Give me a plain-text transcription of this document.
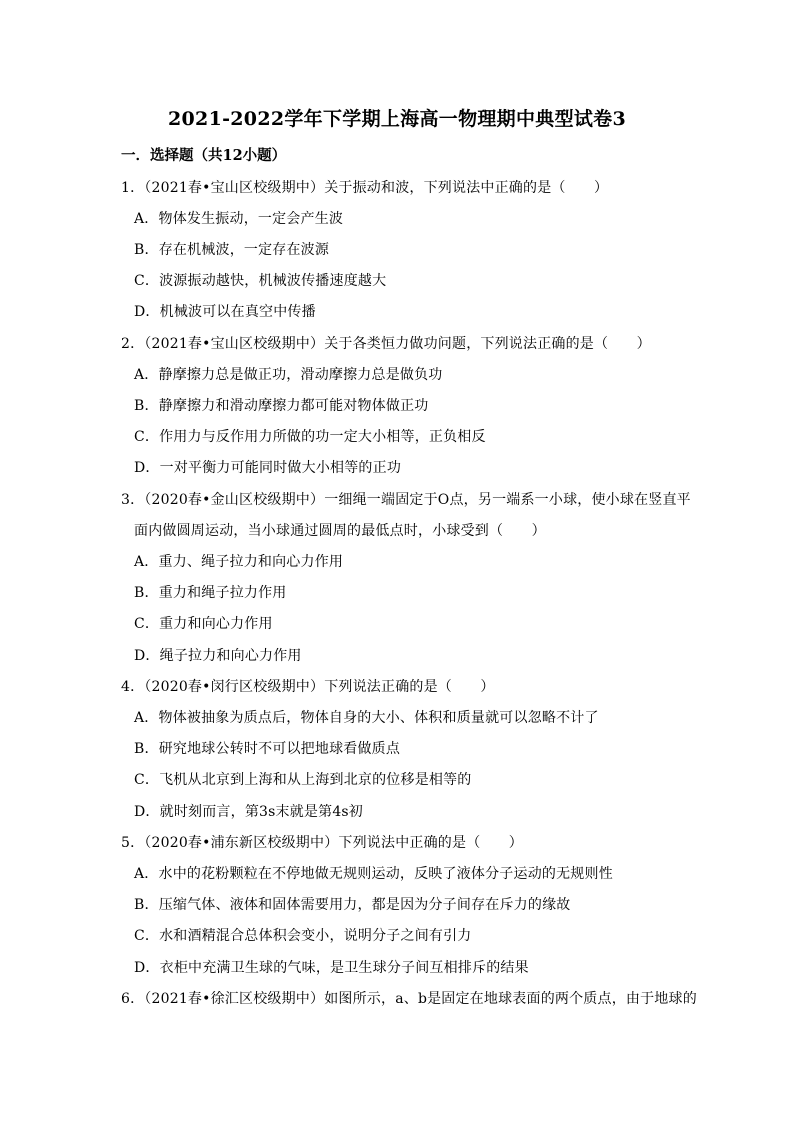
2021-2022学年下学期上海高一物理期中典型试卷3
一．选择题（共12小题）
1．（2021春•宝山区校级期中）关于振动和波，下列说法中正确的是（　　）
A．物体发生振动，一定会产生波
B．存在机械波，一定存在波源
C．波源振动越快，机械波传播速度越大
D．机械波可以在真空中传播
2．（2021春•宝山区校级期中）关于各类恒力做功问题，下列说法正确的是（　　）
A．静摩擦力总是做正功，滑动摩擦力总是做负功
B．静摩擦力和滑动摩擦力都可能对物体做正功
C．作用力与反作用力所做的功一定大小相等，正负相反
D．一对平衡力可能同时做大小相等的正功
3．（2020春•金山区校级期中）一细绳一端固定于O点，另一端系一小球，使小球在竖直平
面内做圆周运动，当小球通过圆周的最低点时，小球受到（　　）
A．重力、绳子拉力和向心力作用
B．重力和绳子拉力作用
C．重力和向心力作用
D．绳子拉力和向心力作用
4．（2020春•闵行区校级期中）下列说法正确的是（　　）
A．物体被抽象为质点后，物体自身的大小、体积和质量就可以忽略不计了
B．研究地球公转时不可以把地球看做质点
C．飞机从北京到上海和从上海到北京的位移是相等的
D．就时刻而言，第3s末就是第4s初
5．（2020春•浦东新区校级期中）下列说法中正确的是（　　）
A．水中的花粉颗粒在不停地做无规则运动，反映了液体分子运动的无规则性
B．压缩气体、液体和固体需要用力，都是因为分子间存在斥力的缘故
C．水和酒精混合总体积会变小，说明分子之间有引力
D．衣柜中充满卫生球的气味，是卫生球分子间互相排斥的结果
6．（2021春•徐汇区校级期中）如图所示，a、b是固定在地球表面的两个质点，由于地球的
